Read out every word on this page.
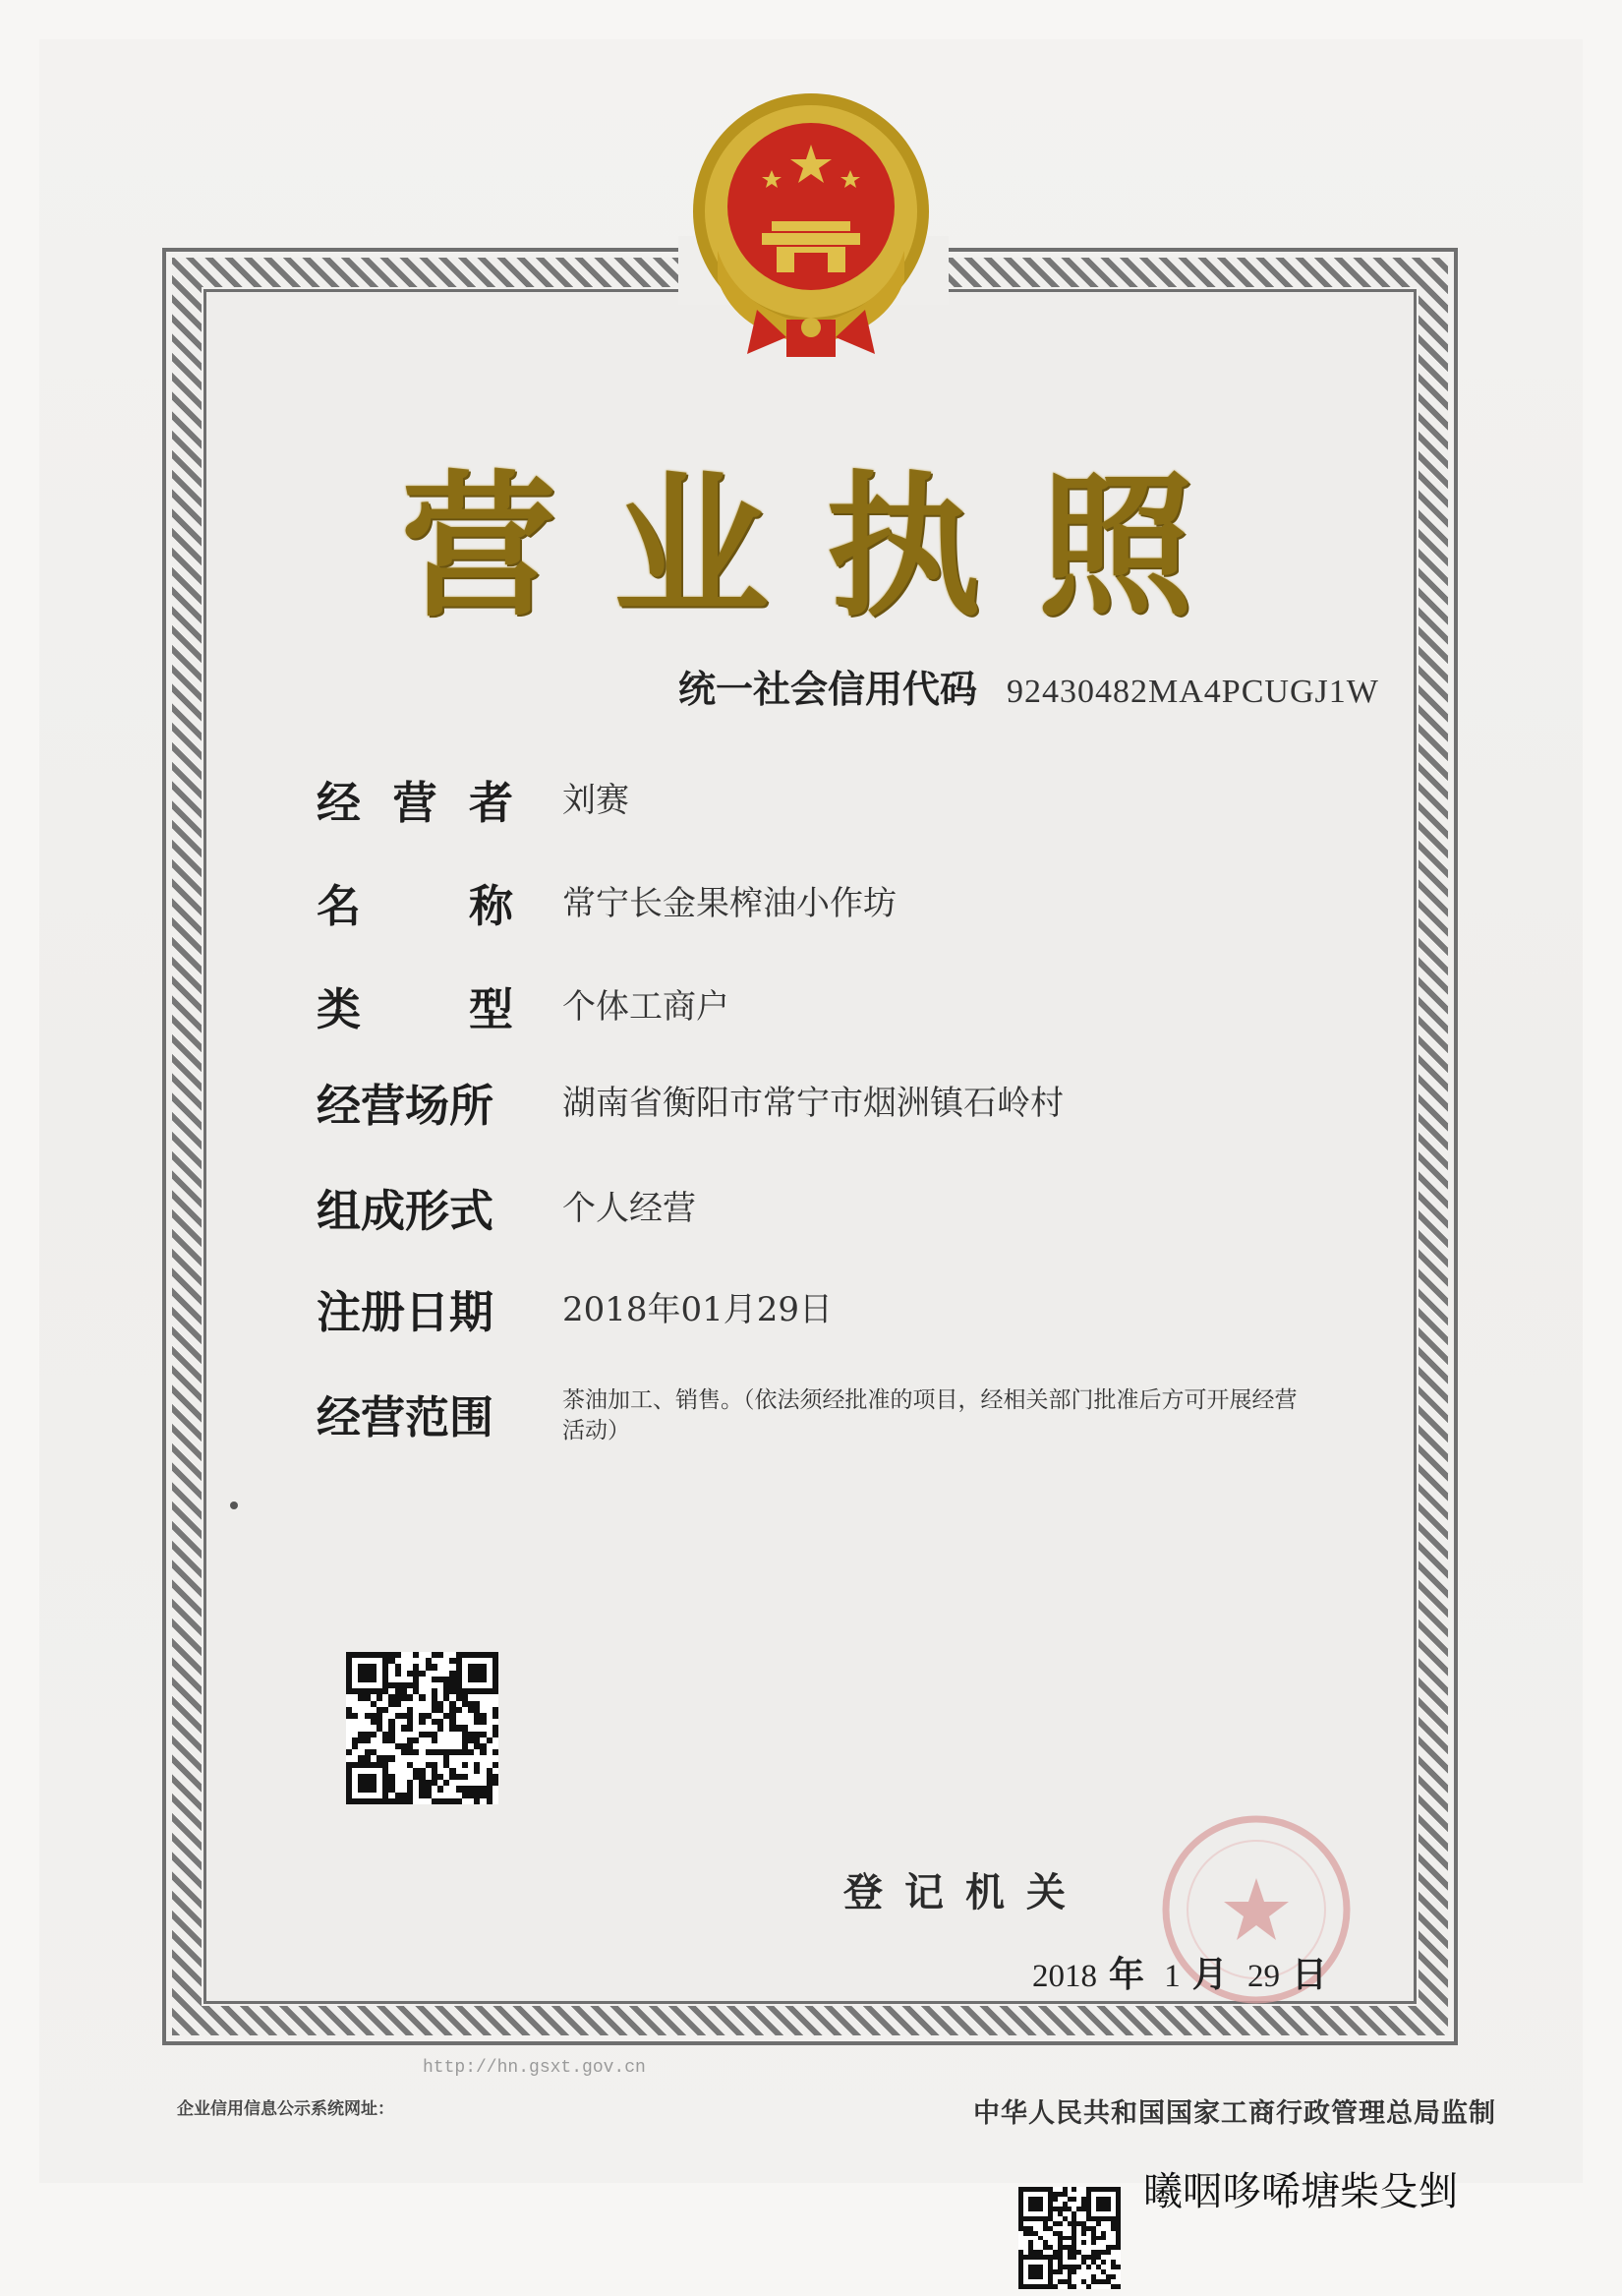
营业执照
统一社会信用代码 92430482MA4PCUGJ1W
经 营 者 刘赛
名 称 常宁长金果榨油小作坊
类 型 个体工商户
经营场所	湖南省衡阳市常宁市烟洲镇石岭村
组成形式	个人经营
注册日期	2018年01月29日
经营范围	茶油加工、销售。（依法须经批准的项目，经相关部门批准后方可开展经营活动）
登记机关
2018 年 1 月 29 日
http://hn.gsxt.gov.cn
企业信用信息公示系统网址：	中华人民共和国国家工商行政管理总局监制
曦咽哆唏塘柴殳剉
